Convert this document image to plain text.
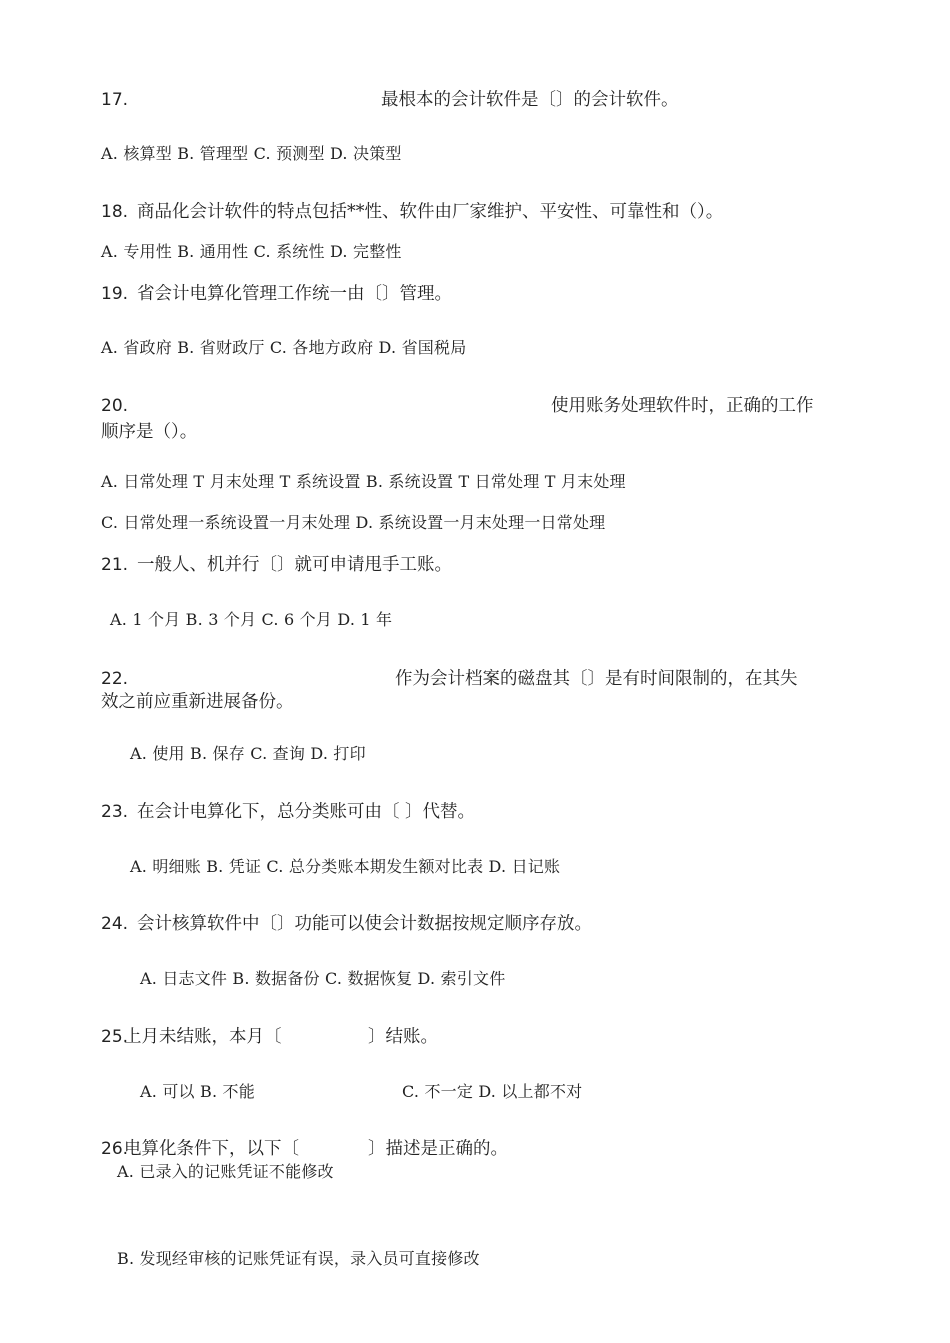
17.	最根本的会计软件是〔〕的会计软件。
A. 核算型 B. 管理型 C. 预测型 D. 决策型
18. 商品化会计软件的特点包括**性、软件由厂家维护、平安性、可靠性和（）。
A. 专用性 B. 通用性 C. 系统性 D. 完整性
19. 省会计电算化管理工作统一由〔〕管理。
A. 省政府 B. 省财政厅 C. 各地方政府 D. 省国税局
20.	使用账务处理软件时，正确的工作
顺序是（）。
A. 日常处理 T 月末处理 T 系统设置 B. 系统设置 T 日常处理 T 月末处理
C. 日常处理一系统设置一月末处理 D. 系统设置一月末处理一日常处理
21. 一般人、机并行〔〕就可申请甩手工账。
A. 1 个月 B. 3 个月 C. 6 个月 D. 1 年
22.	作为会计档案的磁盘其〔〕是有时间限制的，在其失
效之前应重新进展备份。
A. 使用 B. 保存 C. 查询 D. 打印
23. 在会计电算化下，总分类账可由〔 〕代替。
A. 明细账 B. 凭证 C. 总分类账本期发生额对比表 D. 日记账
24. 会计核算软件中〔〕功能可以使会计数据按规定顺序存放。
A. 日志文件 B. 数据备份 C. 数据恢复 D. 索引文件
25.
上月未结账，本月〔	〕结账。
A. 可以 B. 不能	C. 不一定 D. 以上都不对
26.
电算化条件下，以下〔	〕描述是正确的。
A. 已录入的记账凭证不能修改
B. 发现经审核的记账凭证有误，录入员可直接修改
